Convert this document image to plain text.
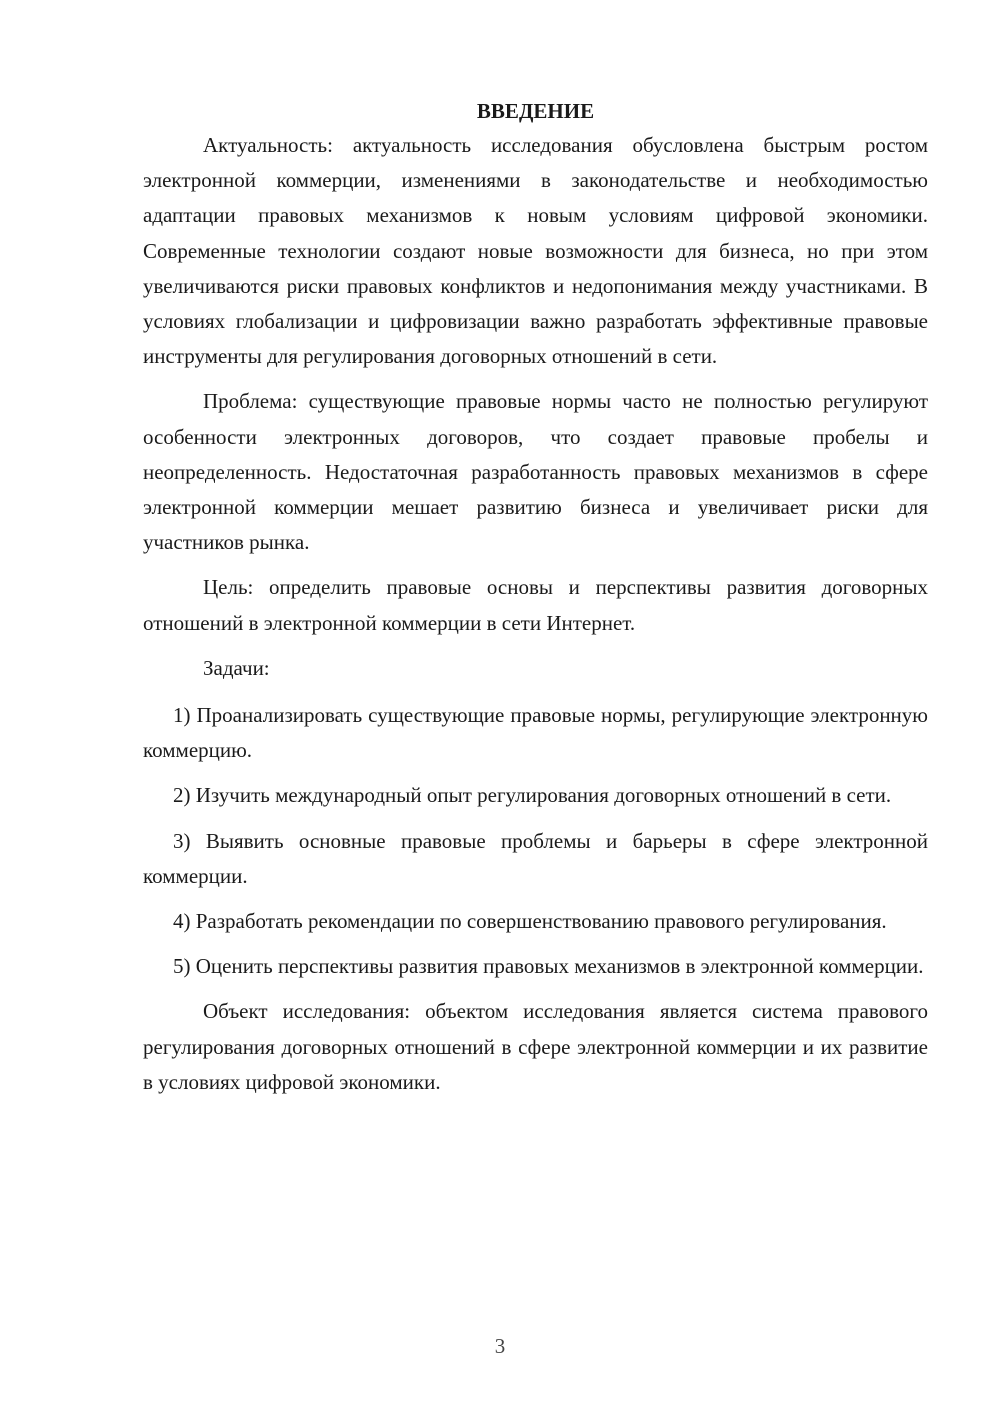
ВВЕДЕНИЕ

Актуальность: актуальность исследования обусловлена быстрым ростом электронной коммерции, изменениями в законодательстве и необходимостью адаптации правовых механизмов к новым условиям цифровой экономики. Современные технологии создают новые возможности для бизнеса, но при этом увеличиваются риски правовых конфликтов и недопонимания между участниками. В условиях глобализации и цифровизации важно разработать эффективные правовые инструменты для регулирования договорных отношений в сети.

Проблема: существующие правовые нормы часто не полностью регулируют особенности электронных договоров, что создает правовые пробелы и неопределенность. Недостаточная разработанность правовых механизмов в сфере электронной коммерции мешает развитию бизнеса и увеличивает риски для участников рынка.

Цель: определить правовые основы и перспективы развития договорных отношений в электронной коммерции в сети Интернет.

Задачи:

1) Проанализировать существующие правовые нормы, регулирующие электронную коммерцию.

2) Изучить международный опыт регулирования договорных отношений в сети.

3) Выявить основные правовые проблемы и барьеры в сфере электронной коммерции.

4) Разработать рекомендации по совершенствованию правового регулирования.

5) Оценить перспективы развития правовых механизмов в электронной коммерции.

Объект исследования: объектом исследования является система правового регулирования договорных отношений в сфере электронной коммерции и их развитие в условиях цифровой экономики.

3
